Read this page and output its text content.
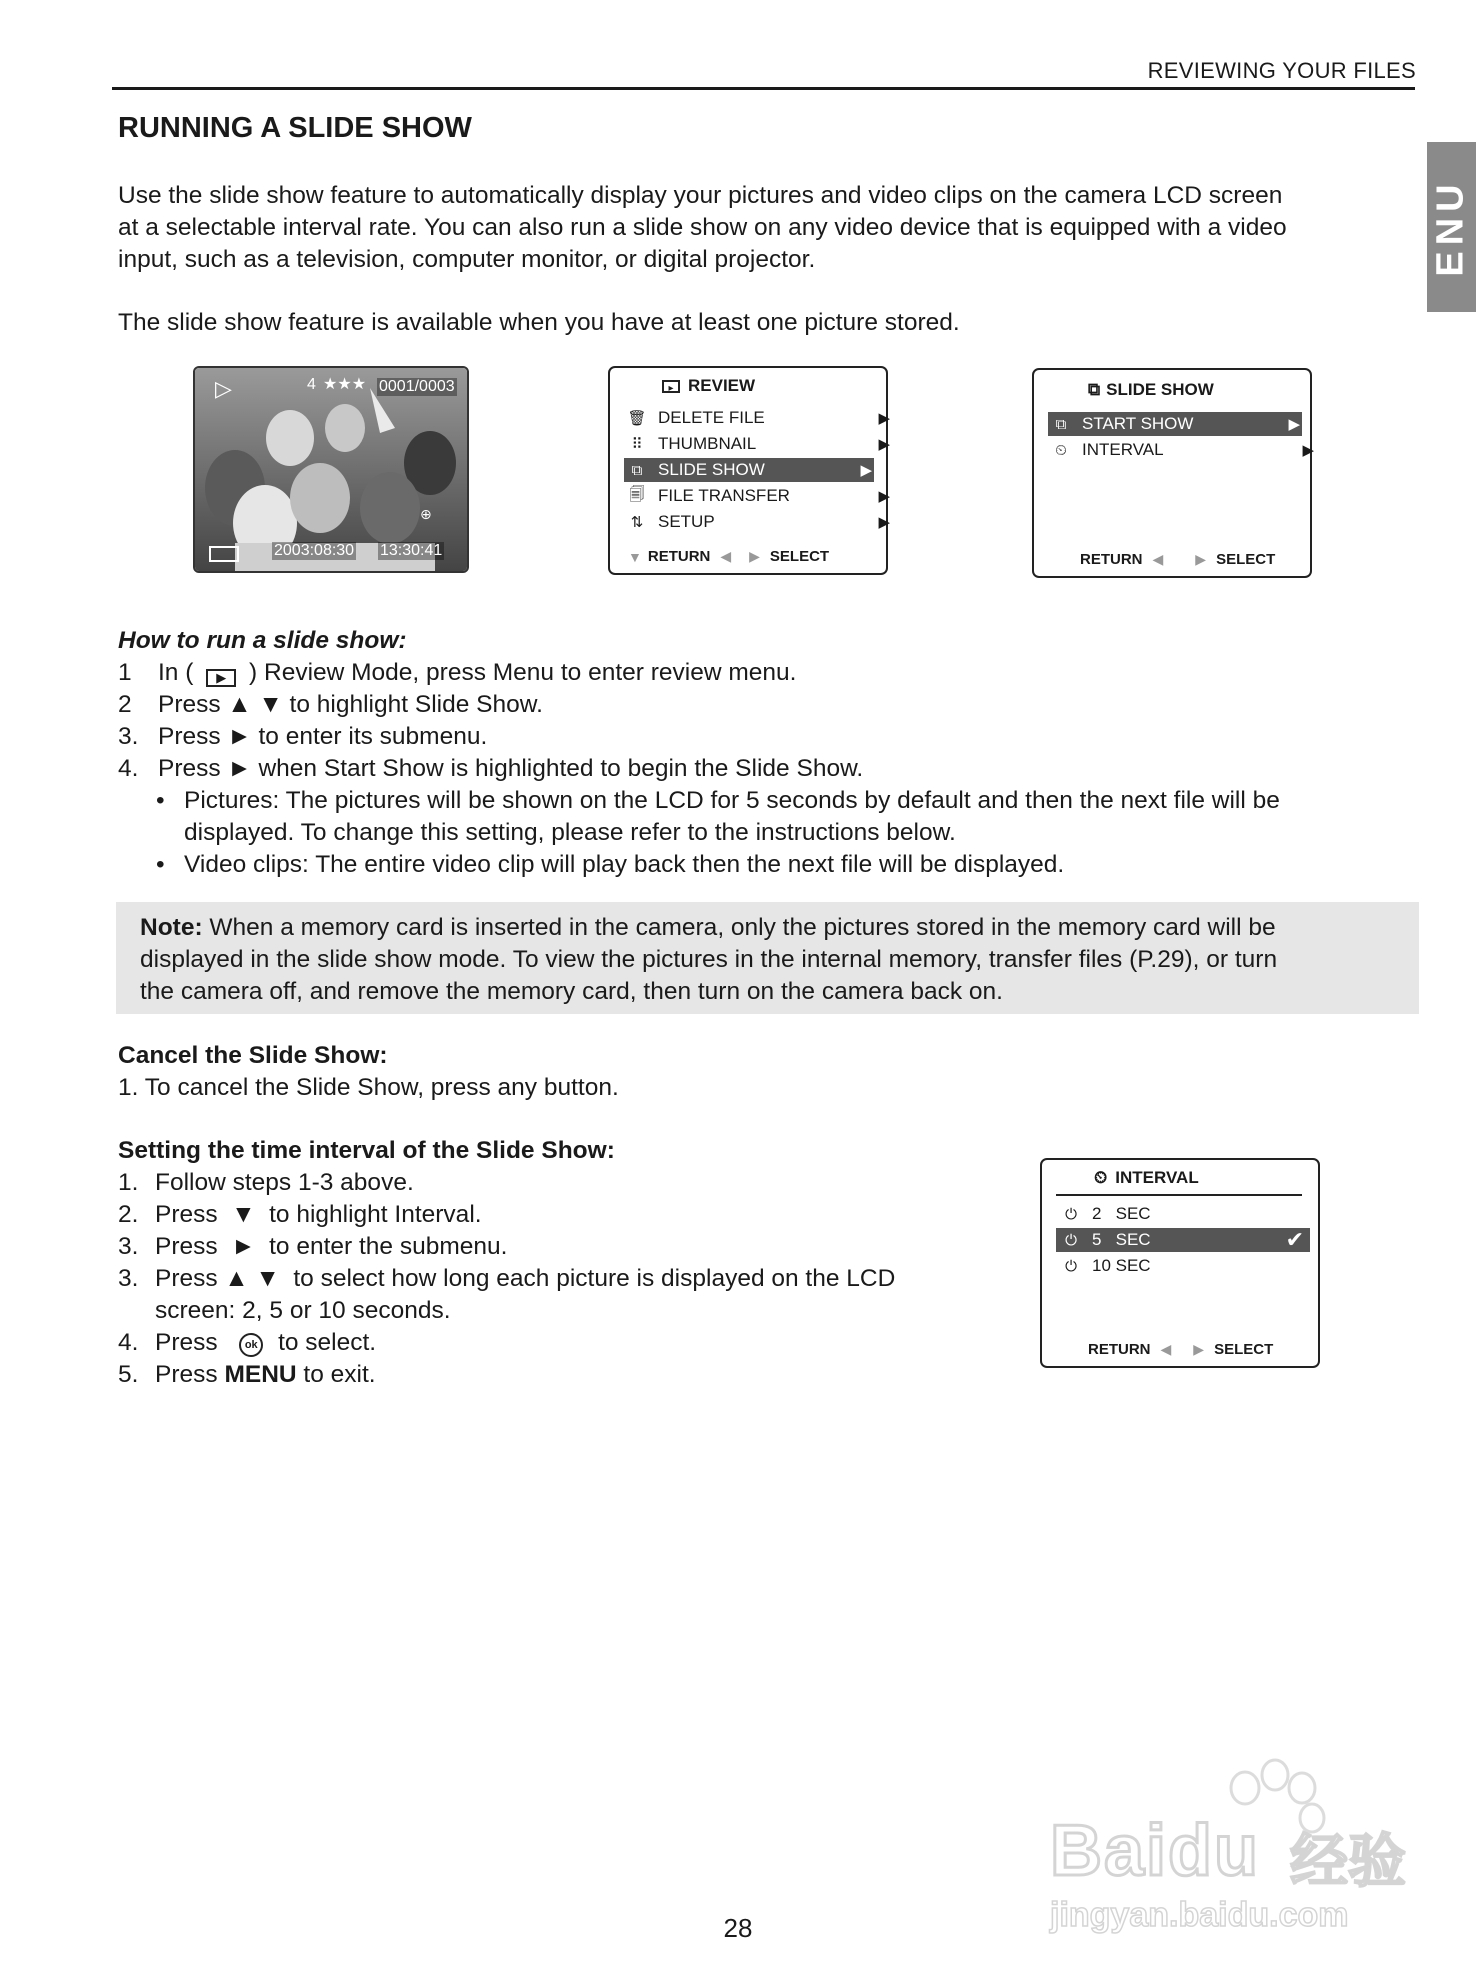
REVIEWING YOUR FILES
ENU
RUNNING A SLIDE SHOW

Use the slide show feature to automatically display your pictures and video clips on the camera LCD screen

at a selectable interval rate. You can also run a slide show on any video device that is equipped with a video

input, such as a television, computer monitor, or digital projector.

The slide show feature is available when you have at least one picture stored.
▷	4 ★★★ 0001/0003
2003:08:30 13:30:41
⊕
▸ REVIEW
🗑 DELETE FILE	▶
⠿ THUMBNAIL	▶
⧉ SLIDE SHOW	▶
🗐 FILE TRANSFER	▶
⇅ SETUP	▶
▼ RETURN ◀ ▶ SELECT
⧉ SLIDE SHOW
⧉ START SHOW	▶
⏲ INTERVAL	▶
RETURN ◀ ▶ SELECT
How to run a slide show:
1	In ( ▶ ) Review Mode, press Menu to enter review menu.
2	Press ▲ ▼ to highlight Slide Show.
3. Press ► to enter its submenu.
4. Press ► when Start Show is highlighted to begin the Slide Show.
• Pictures: The pictures will be shown on the LCD for 5 seconds by default and then the next file will be
displayed. To change this setting, please refer to the instructions below.
• Video clips: The entire video clip will play back then the next file will be displayed.
Note: When a memory card is inserted in the camera, only the pictures stored in the memory card will be
displayed in the slide show mode. To view the pictures in the internal memory, transfer files (P.29), or turn
the camera off, and remove the memory card, then turn on the camera back on.
Cancel the Slide Show:
1. To cancel the Slide Show, press any button.
Setting the time interval of the Slide Show:
1. Follow steps 1-3 above.
2. Press  ▼  to highlight Interval.
3. Press  ►  to enter the submenu.
3. Press ▲ ▼  to select how long each picture is displayed on the LCD
screen: 2, 5 or 10 seconds.
4. Press  ok to select.
5. Press MENU to exit.
⏲ INTERVAL
⏻ 2   SEC
⏻ 5   SEC	✔
⏻ 10 SEC
RETURN ◀ ▶ SELECT
Baidu 经验
jingyan.baidu.com
28
